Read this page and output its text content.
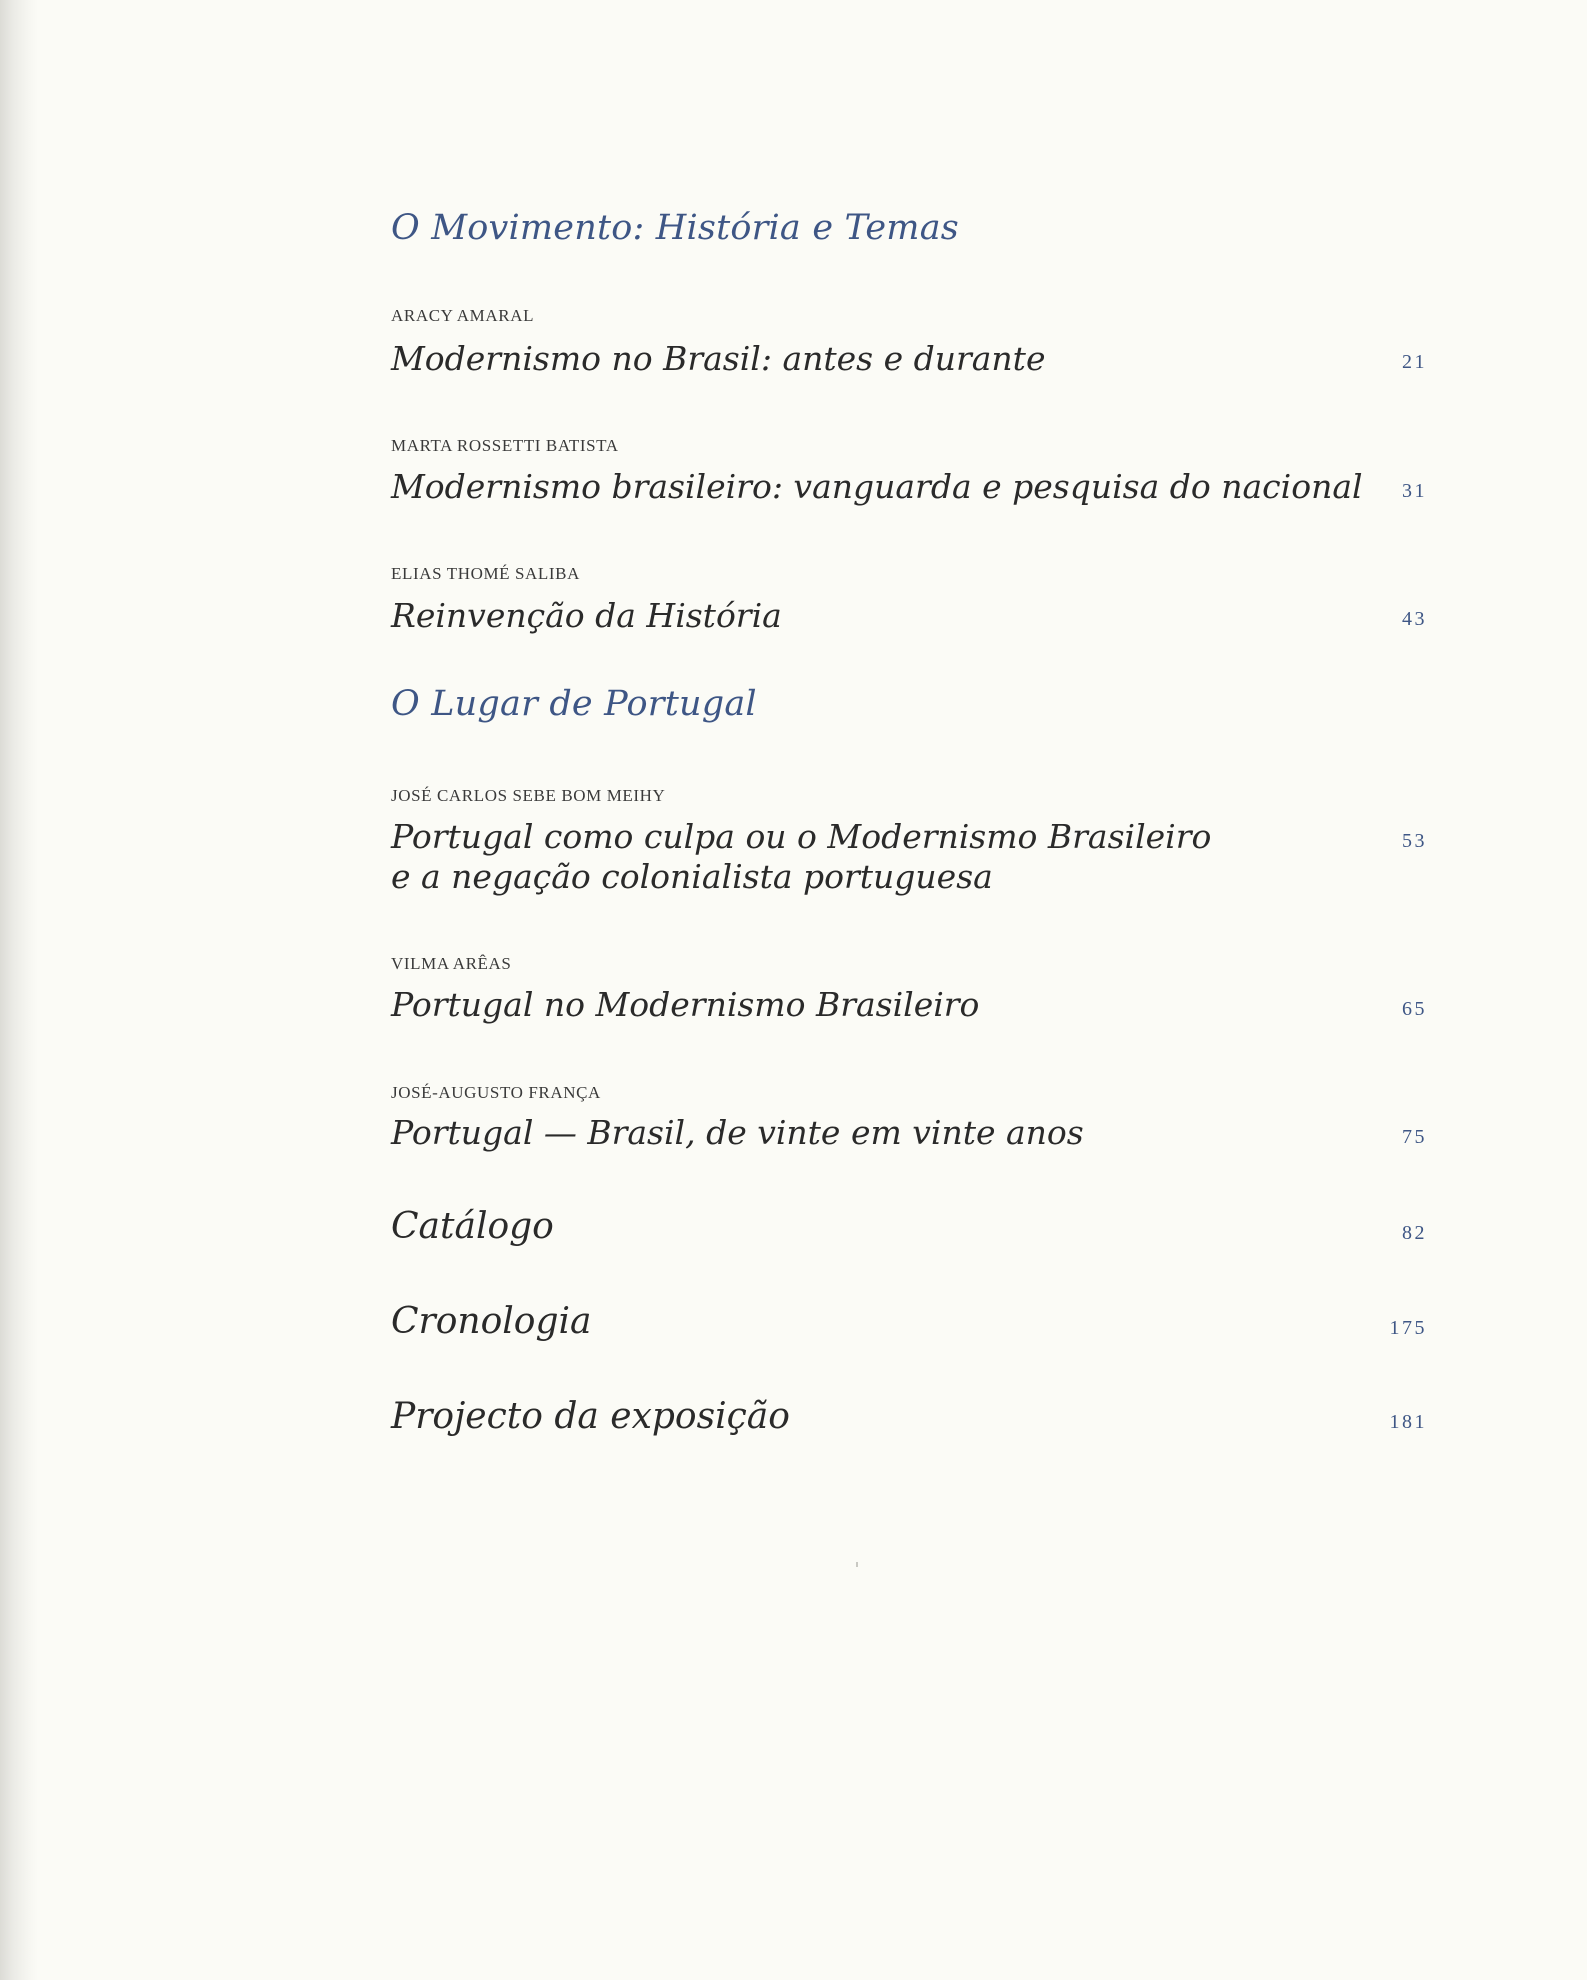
O Movimento: História e Temas
ARACY AMARAL
Modernismo no Brasil: antes e durante	21
MARTA ROSSETTI BATISTA
Modernismo brasileiro: vanguarda e pesquisa do nacional 31
ELIAS THOMÉ SALIBA
Reinvenção da História	43
O Lugar de Portugal
JOSÉ CARLOS SEBE BOM MEIHY
Portugal como culpa ou o Modernismo Brasileiro
e a negação colonialista portuguesa
53
VILMA ARÊAS
Portugal no Modernismo Brasileiro	65
JOSÉ-AUGUSTO FRANÇA
Portugal — Brasil, de vinte em vinte anos	75
Catálogo	82
Cronologia	175
Projecto da exposição	181
